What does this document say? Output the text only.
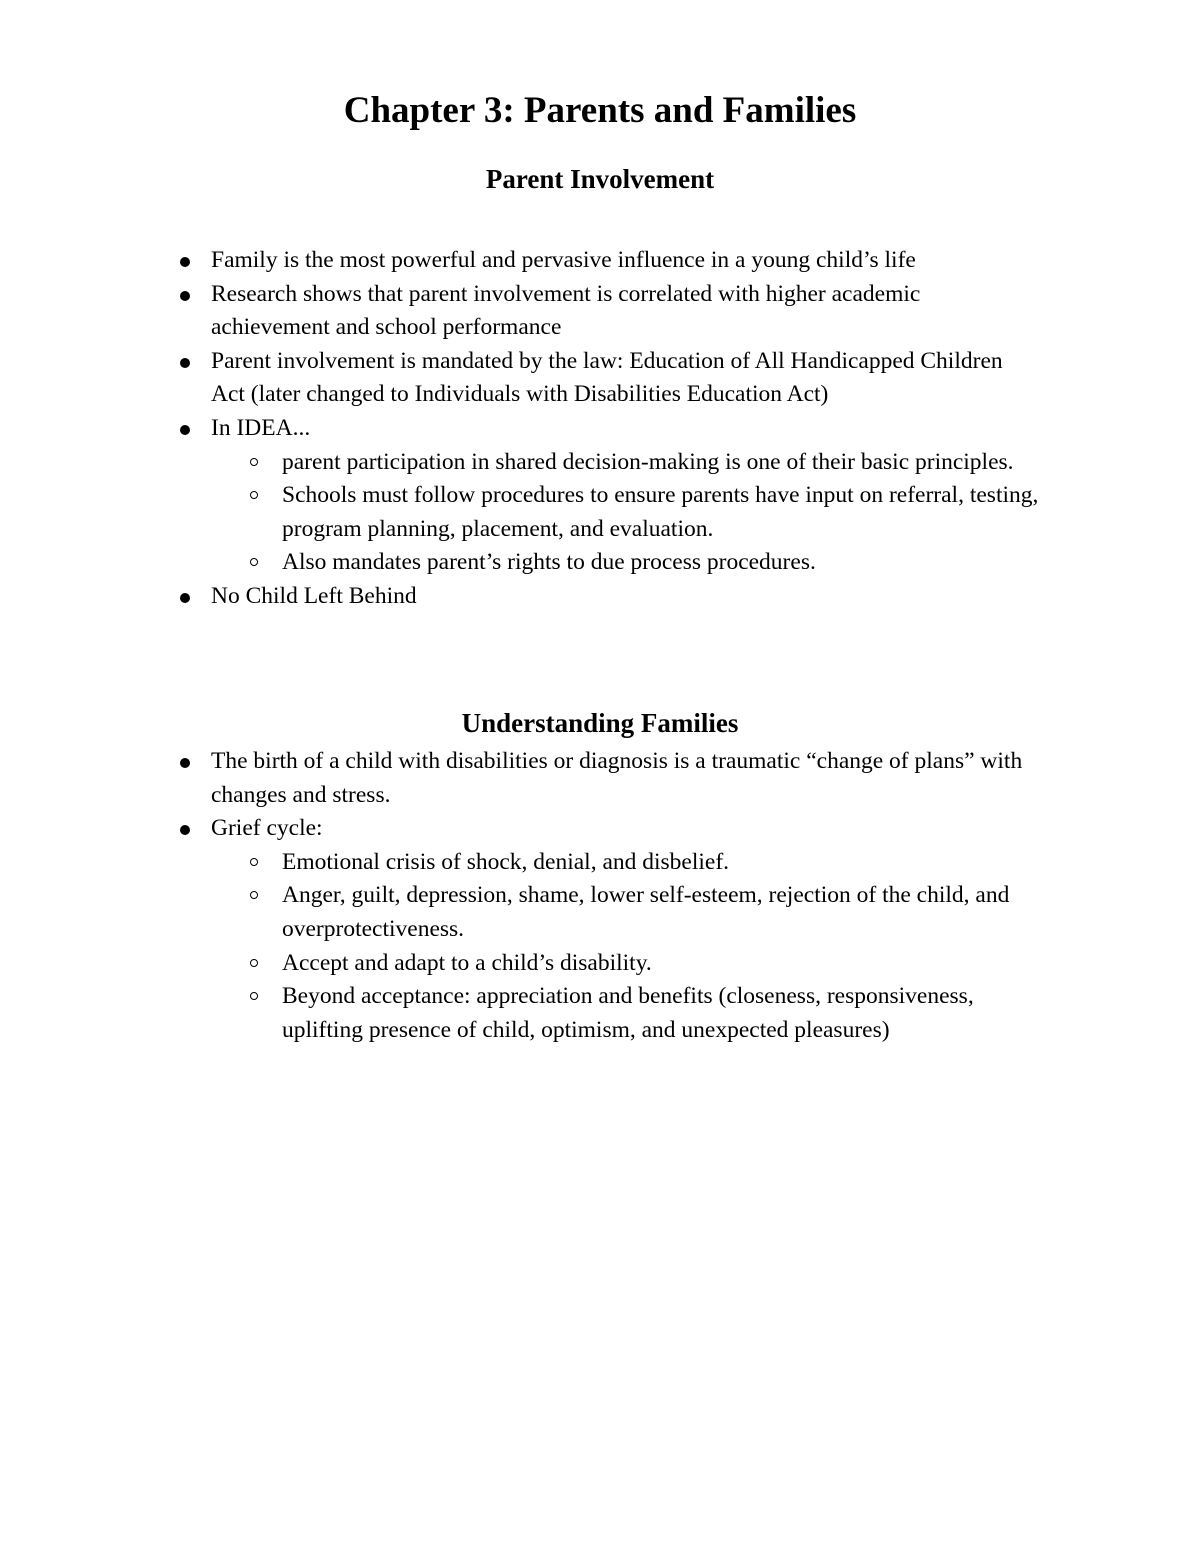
Chapter 3: Parents and Families
Parent Involvement
Family is the most powerful and pervasive influence in a young child’s life
Research shows that parent involvement is correlated with higher academic achievement and school performance
Parent involvement is mandated by the law: Education of All Handicapped Children Act (later changed to Individuals with Disabilities Education Act)
In IDEA...
parent participation in shared decision-making is one of their basic principles.
Schools must follow procedures to ensure parents have input on referral, testing, program planning, placement, and evaluation.
Also mandates parent’s rights to due process procedures.
No Child Left Behind
Understanding Families
The birth of a child with disabilities or diagnosis is a traumatic “change of plans” with changes and stress.
Grief cycle:
Emotional crisis of shock, denial, and disbelief.
Anger, guilt, depression, shame, lower self-esteem, rejection of the child, and overprotectiveness.
Accept and adapt to a child’s disability.
Beyond acceptance: appreciation and benefits (closeness, responsiveness, uplifting presence of child, optimism, and unexpected pleasures)
